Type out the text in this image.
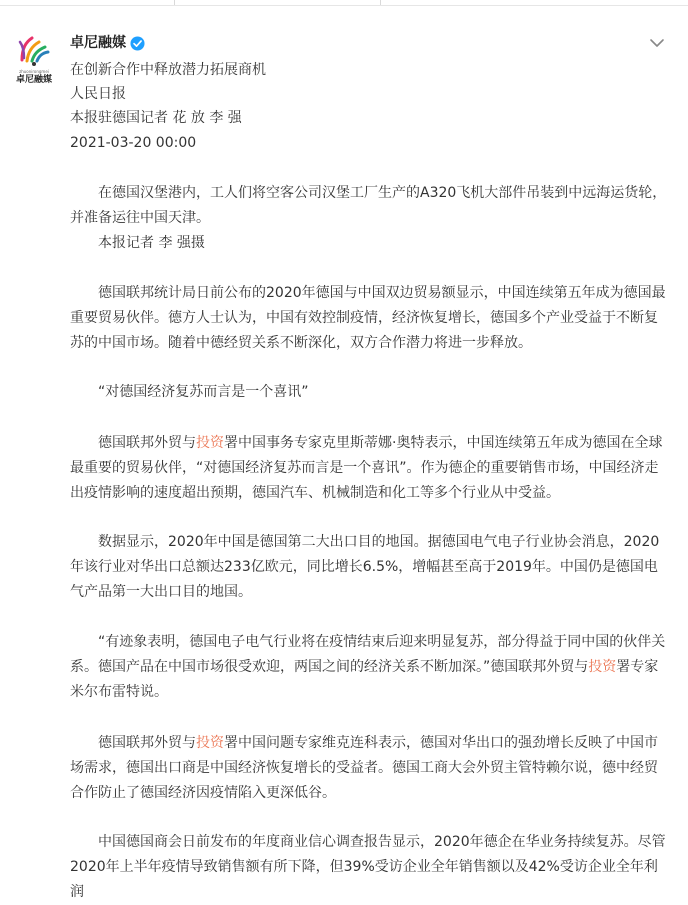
zhuonirongmei
卓尼融媒
卓尼融媒
在创新合作中释放潜力拓展商机
人民日报
本报驻德国记者 花 放 李 强
2021-03-20 00:00

在德国汉堡港内，工人们将空客公司汉堡工厂生产的A320飞机大部件吊装到中远海运货轮，并准备运往中国天津。

本报记者 李 强摄

德国联邦统计局日前公布的2020年德国与中国双边贸易额显示，中国连续第五年成为德国最重要贸易伙伴。德方人士认为，中国有效控制疫情，经济恢复增长，德国多个产业受益于不断复苏的中国市场。随着中德经贸关系不断深化，双方合作潜力将进一步释放。

“对德国经济复苏而言是一个喜讯”

德国联邦外贸与投资署中国事务专家克里斯蒂娜·奥特表示，中国连续第五年成为德国在全球最重要的贸易伙伴，“对德国经济复苏而言是一个喜讯”。作为德企的重要销售市场，中国经济走出疫情影响的速度超出预期，德国汽车、机械制造和化工等多个行业从中受益。

数据显示，2020年中国是德国第二大出口目的地国。据德国电气电子行业协会消息，2020年该行业对华出口总额达233亿欧元，同比增长6.5%，增幅甚至高于2019年。中国仍是德国电气产品第一大出口目的地国。

“有迹象表明，德国电子电气行业将在疫情结束后迎来明显复苏，部分得益于同中国的伙伴关系。德国产品在中国市场很受欢迎，两国之间的经济关系不断加深。”德国联邦外贸与投资署专家米尔布雷特说。

德国联邦外贸与投资署中国问题专家维克连科表示，德国对华出口的强劲增长反映了中国市场需求，德国出口商是中国经济恢复增长的受益者。德国工商大会外贸主管特赖尔说，德中经贸合作防止了德国经济因疫情陷入更深低谷。

中国德国商会日前发布的年度商业信心调查报告显示，2020年德企在华业务持续复苏。尽管2020年上半年疫情导致销售额有所下降，但39%受访企业全年销售额以及42%受访企业全年利润
